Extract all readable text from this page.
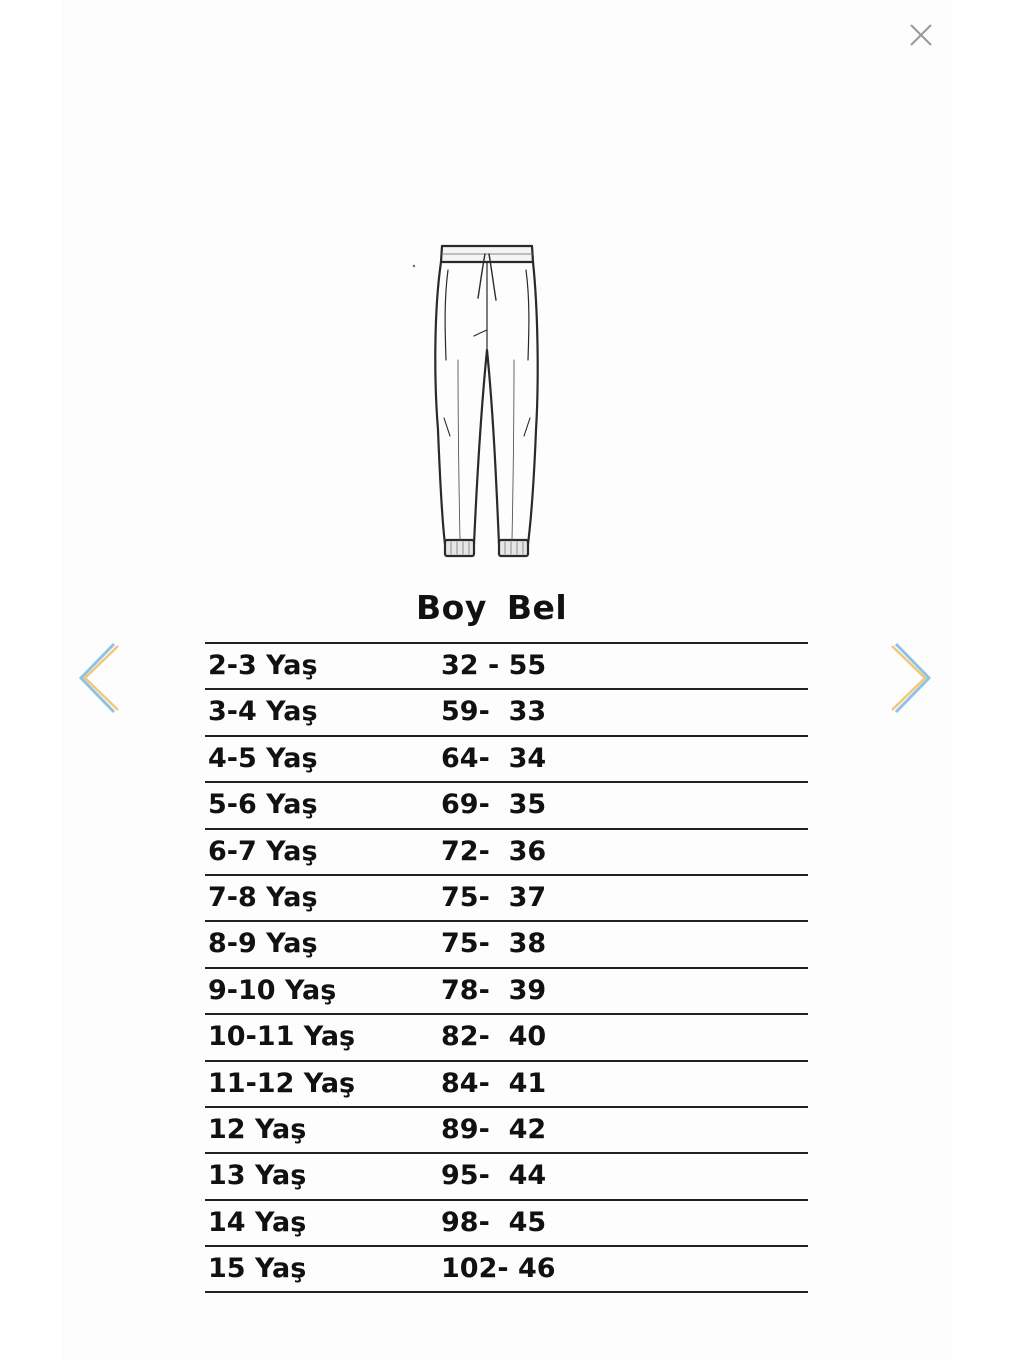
Boy Bel
2-3 Yaş	32 - 55
3-4 Yaş	59-  33
4-5 Yaş	64-  34
5-6 Yaş	69-  35
6-7 Yaş	72-  36
7-8 Yaş	75-  37
8-9 Yaş	75-  38
9-10 Yaş	78-  39
10-11 Yaş	82-  40
11-12 Yaş	84-  41
12 Yaş	89-  42
13 Yaş	95-  44
14 Yaş	98-  45
15 Yaş	102- 46
